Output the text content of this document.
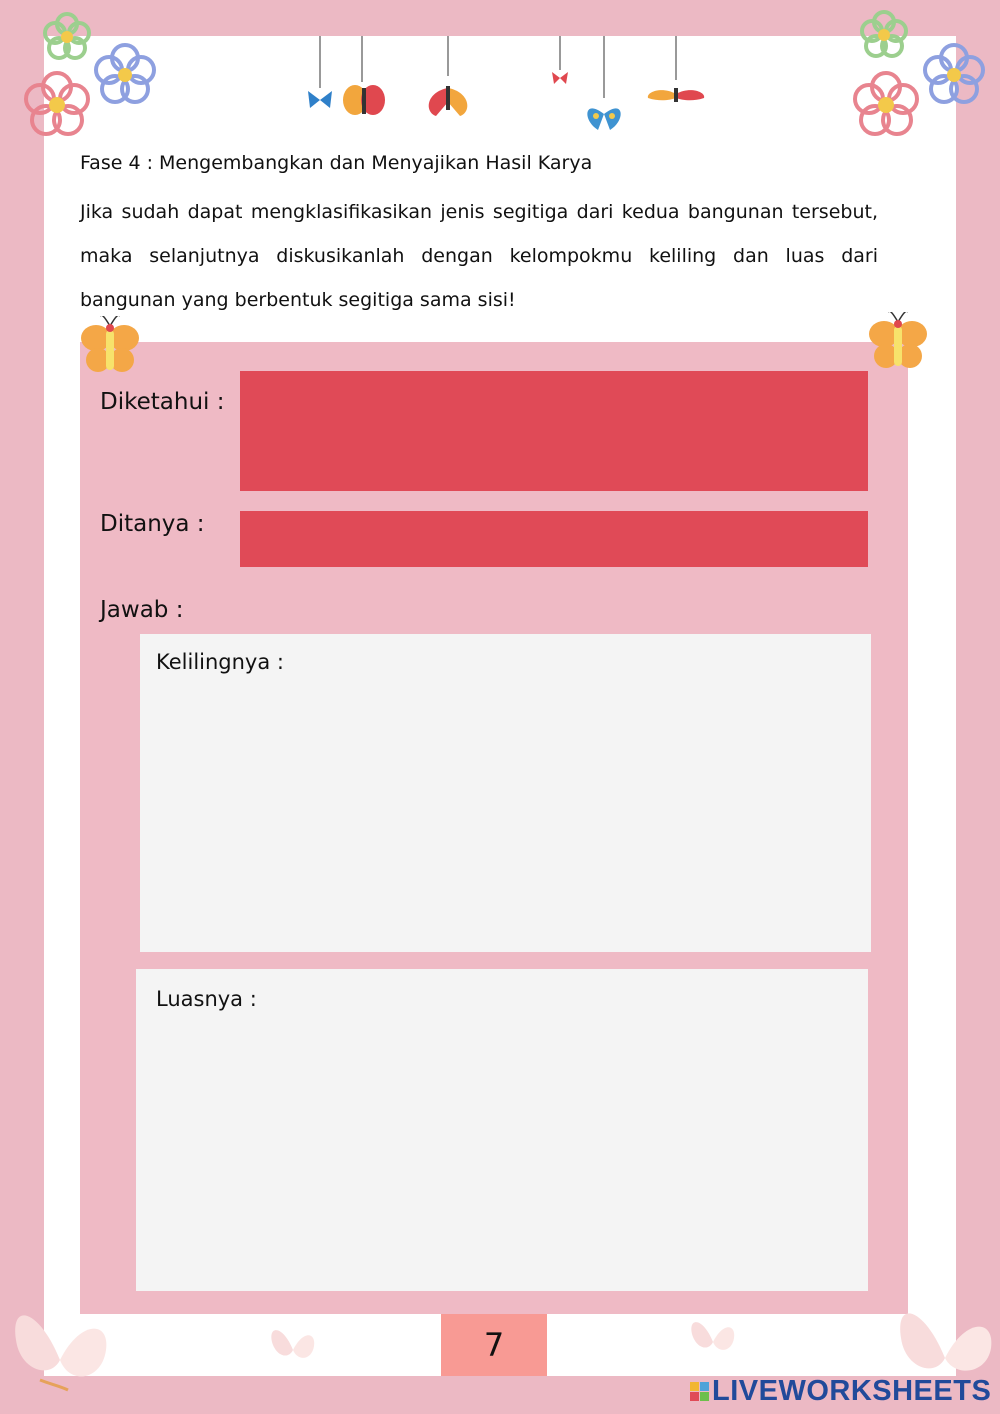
Fase 4 : Mengembangkan dan Menyajikan Hasil Karya
Jika sudah dapat mengklasifikasikan jenis segitiga dari kedua bangunan tersebut, maka selanjutnya diskusikanlah dengan kelompokmu keliling dan luas dari bangunan yang berbentuk segitiga sama sisi!
Diketahui :
Ditanya :
Jawab :
Kelilingnya :
Luasnya :
7
LIVEWORKSHEETS
